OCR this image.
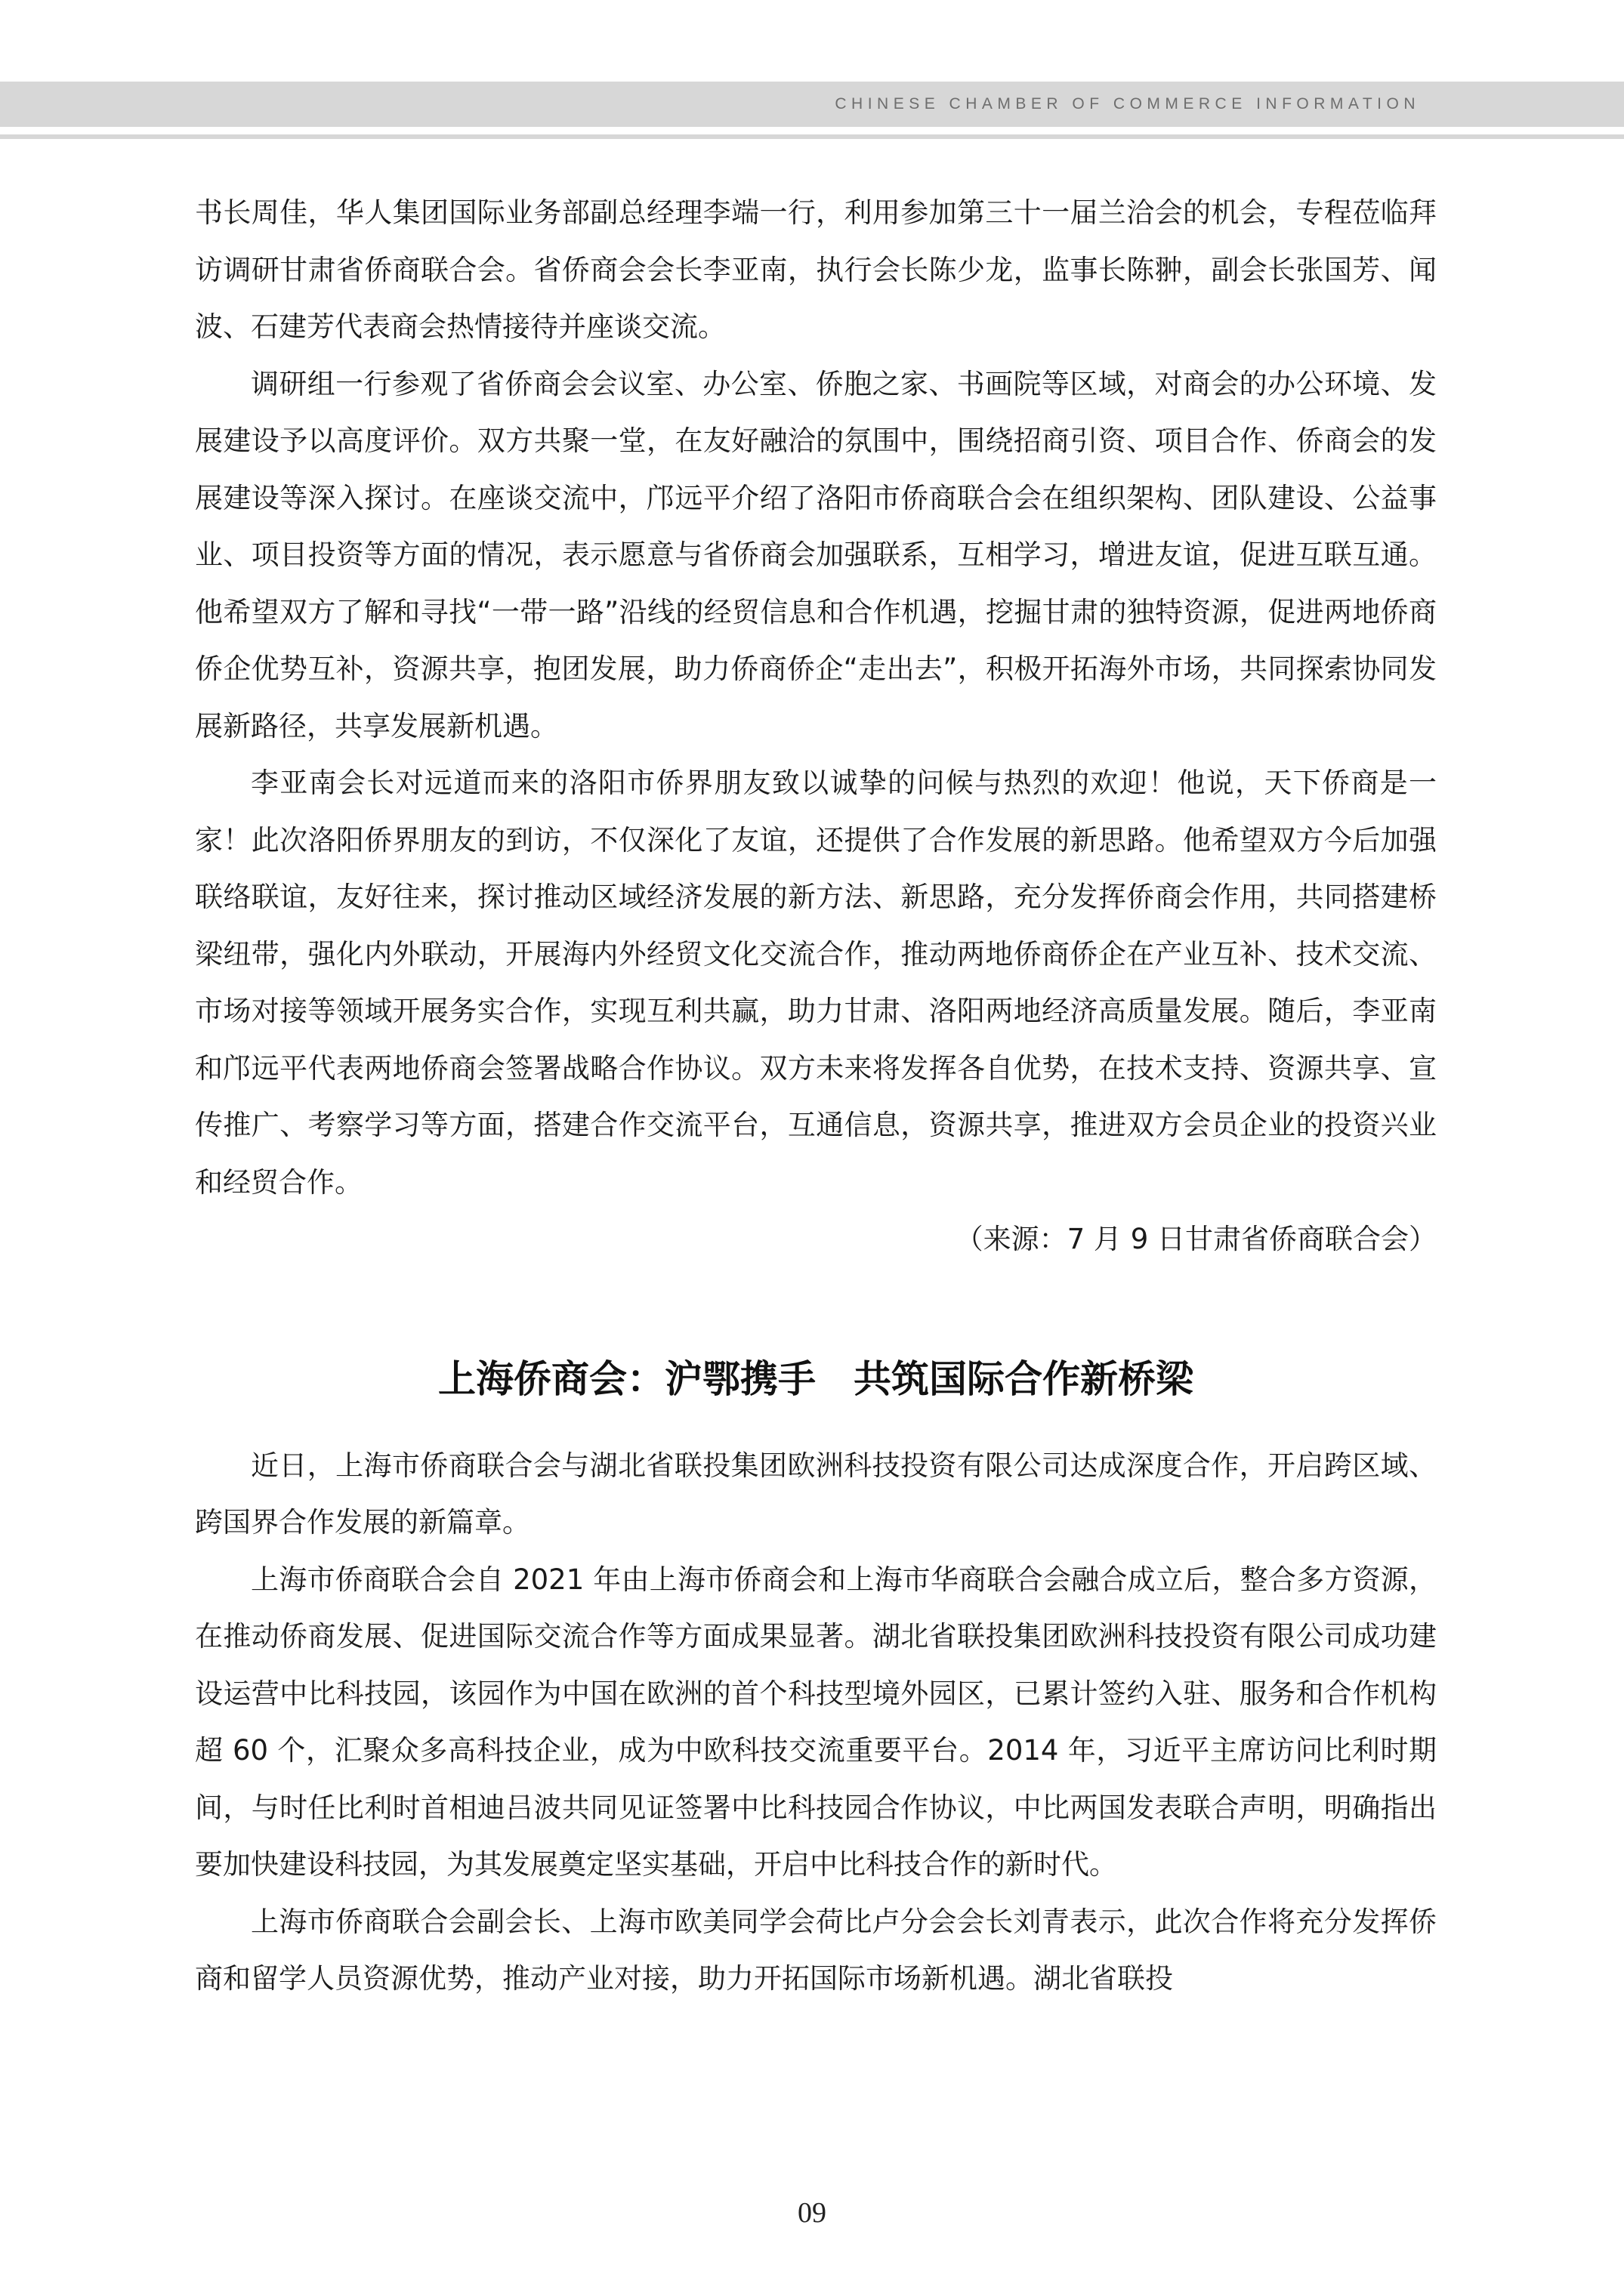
CHINESE CHAMBER OF COMMERCE INFORMATION

书长周佳，华人集团国际业务部副总经理李端一行，利用参加第三十一届兰洽会的机会，专程莅临拜访调研甘肃省侨商联合会。省侨商会会长李亚南，执行会长陈少龙，监事长陈翀，副会长张国芳、闻波、石建芳代表商会热情接待并座谈交流。

调研组一行参观了省侨商会会议室、办公室、侨胞之家、书画院等区域，对商会的办公环境、发展建设予以高度评价。双方共聚一堂，在友好融洽的氛围中，围绕招商引资、项目合作、侨商会的发展建设等深入探讨。在座谈交流中，邝远平介绍了洛阳市侨商联合会在组织架构、团队建设、公益事业、项目投资等方面的情况，表示愿意与省侨商会加强联系，互相学习，增进友谊，促进互联互通。他希望双方了解和寻找“一带一路”沿线的经贸信息和合作机遇，挖掘甘肃的独特资源，促进两地侨商侨企优势互补，资源共享，抱团发展，助力侨商侨企“走出去”，积极开拓海外市场，共同探索协同发展新路径，共享发展新机遇。

李亚南会长对远道而来的洛阳市侨界朋友致以诚挚的问候与热烈的欢迎！他说，天下侨商是一家！此次洛阳侨界朋友的到访，不仅深化了友谊，还提供了合作发展的新思路。他希望双方今后加强联络联谊，友好往来，探讨推动区域经济发展的新方法、新思路，充分发挥侨商会作用，共同搭建桥梁纽带，强化内外联动，开展海内外经贸文化交流合作，推动两地侨商侨企在产业互补、技术交流、市场对接等领域开展务实合作，实现互利共赢，助力甘肃、洛阳两地经济高质量发展。随后，李亚南和邝远平代表两地侨商会签署战略合作协议。双方未来将发挥各自优势，在技术支持、资源共享、宣传推广、考察学习等方面，搭建合作交流平台，互通信息，资源共享，推进双方会员企业的投资兴业和经贸合作。

（来源：7 月 9 日甘肃省侨商联合会）

上海侨商会：沪鄂携手　共筑国际合作新桥梁

近日，上海市侨商联合会与湖北省联投集团欧洲科技投资有限公司达成深度合作，开启跨区域、跨国界合作发展的新篇章。

上海市侨商联合会自 2021 年由上海市侨商会和上海市华商联合会融合成立后，整合多方资源，在推动侨商发展、促进国际交流合作等方面成果显著。湖北省联投集团欧洲科技投资有限公司成功建设运营中比科技园，该园作为中国在欧洲的首个科技型境外园区，已累计签约入驻、服务和合作机构超 60 个，汇聚众多高科技企业，成为中欧科技交流重要平台。2014 年，习近平主席访问比利时期间，与时任比利时首相迪吕波共同见证签署中比科技园合作协议，中比两国发表联合声明，明确指出要加快建设科技园，为其发展奠定坚实基础，开启中比科技合作的新时代。

上海市侨商联合会副会长、上海市欧美同学会荷比卢分会会长刘青表示，此次合作将充分发挥侨商和留学人员资源优势，推动产业对接，助力开拓国际市场新机遇。湖北省联投

09
